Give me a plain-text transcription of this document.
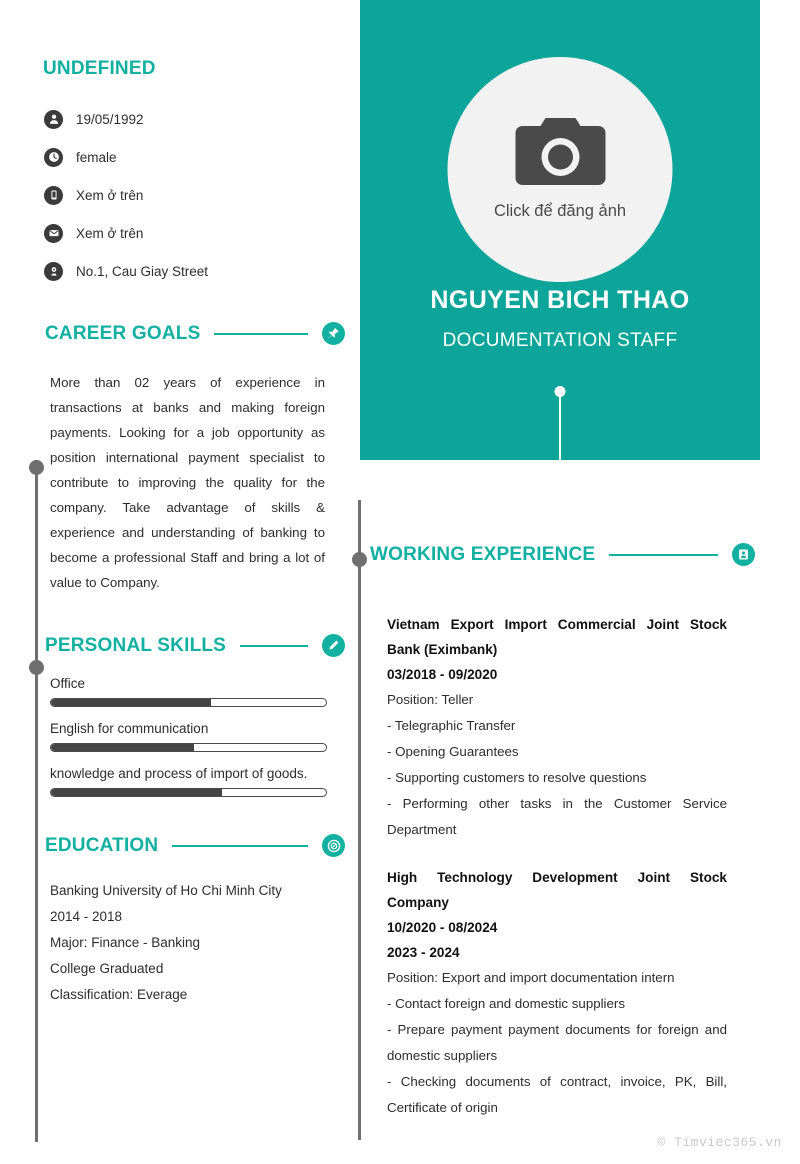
UNDEFINED
19/05/1992
female
Xem ở trên
Xem ở trên
No.1, Cau Giay Street
CAREER GOALS
More than 02 years of experience in transactions at banks and making foreign payments. Looking for a job opportunity as position international payment specialist to contribute to improving the quality for the company. Take advantage of skills & experience and understanding of banking to become a professional Staff and bring a lot of value to Company.
PERSONAL SKILLS
Office
English for communication
knowledge and process of import of goods.
EDUCATION
Banking University of Ho Chi Minh City
2014 - 2018
Major: Finance - Banking
College Graduated
Classification: Everage
Click để đăng ảnh
NGUYEN BICH THAO
DOCUMENTATION STAFF
WORKING EXPERIENCE
Vietnam Export Import Commercial Joint Stock Bank (Eximbank)
03/2018 - 09/2020
Position: Teller
- Telegraphic Transfer
- Opening Guarantees
- Supporting customers to resolve questions
- Performing other tasks in the Customer Service Department
High Technology Development Joint Stock Company
10/2020 - 08/2024
2023 - 2024
Position: Export and import documentation intern
- Contact foreign and domestic suppliers
- Prepare payment payment documents for foreign and domestic suppliers
- Checking documents of contract, invoice, PK, Bill, Certificate of origin
© Timviec365.vn
